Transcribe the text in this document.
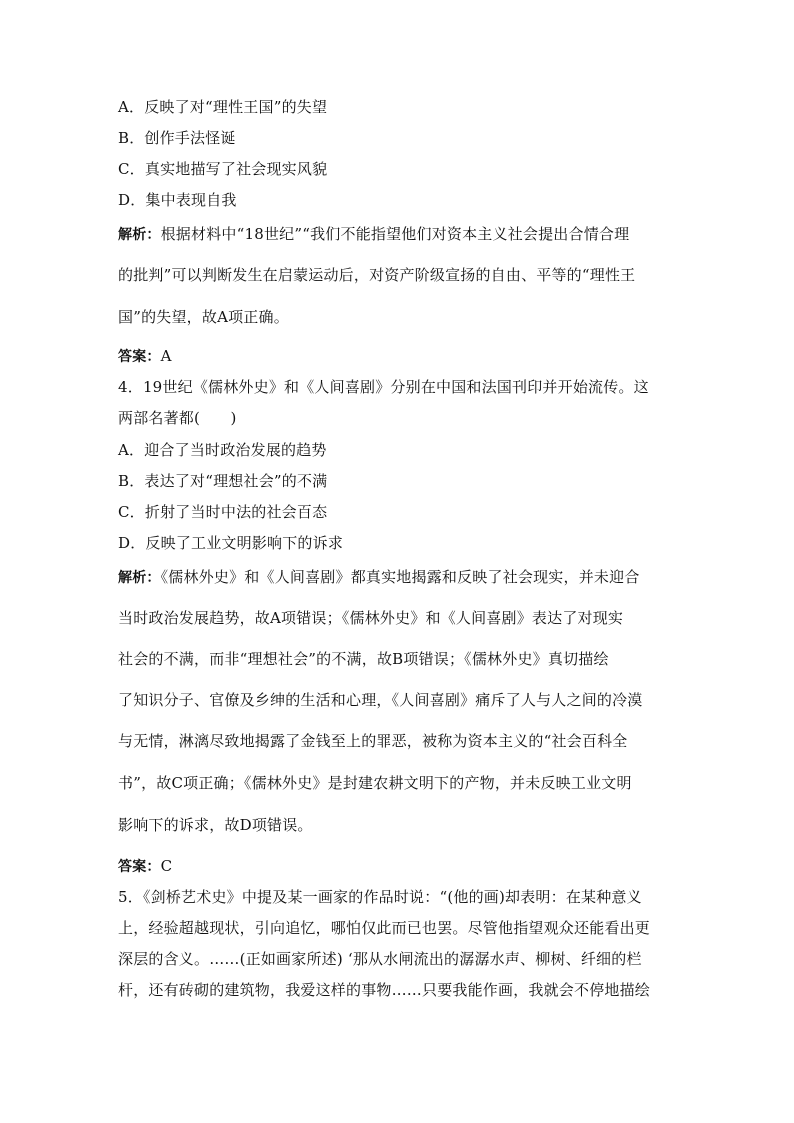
A．反映了对“理性王国”的失望
B．创作手法怪诞
C．真实地描写了社会现实风貌
D．集中表现自我
解析：根据材料中“18世纪”“我们不能指望他们对资本主义社会提出合情合理
的批判”可以判断发生在启蒙运动后，对资产阶级宣扬的自由、平等的“理性王
国”的失望，故A项正确。
答案：A
4．19世纪《儒林外史》和《人间喜剧》分别在中国和法国刊印并开始流传。这
两部名著都(　　)
A．迎合了当时政治发展的趋势
B．表达了对“理想社会”的不满
C．折射了当时中法的社会百态
D．反映了工业文明影响下的诉求
解析：《儒林外史》和《人间喜剧》都真实地揭露和反映了社会现实，并未迎合
当时政治发展趋势，故A项错误；《儒林外史》和《人间喜剧》表达了对现实
社会的不满，而非“理想社会”的不满，故B项错误；《儒林外史》真切描绘
了知识分子、官僚及乡绅的生活和心理，《人间喜剧》痛斥了人与人之间的冷漠
与无情，淋漓尽致地揭露了金钱至上的罪恶，被称为资本主义的“社会百科全
书”，故C项正确；《儒林外史》是封建农耕文明下的产物，并未反映工业文明
影响下的诉求，故D项错误。
答案：C
5．《剑桥艺术史》中提及某一画家的作品时说：“(他的画)却表明：在某种意义
上，经验超越现状，引向追忆，哪怕仅此而已也罢。尽管他指望观众还能看出更
深层的含义。……(正如画家所述) ‘那从水闸流出的潺潺水声、柳树、纤细的栏
杆，还有砖砌的建筑物，我爱这样的事物……只要我能作画，我就会不停地描绘
